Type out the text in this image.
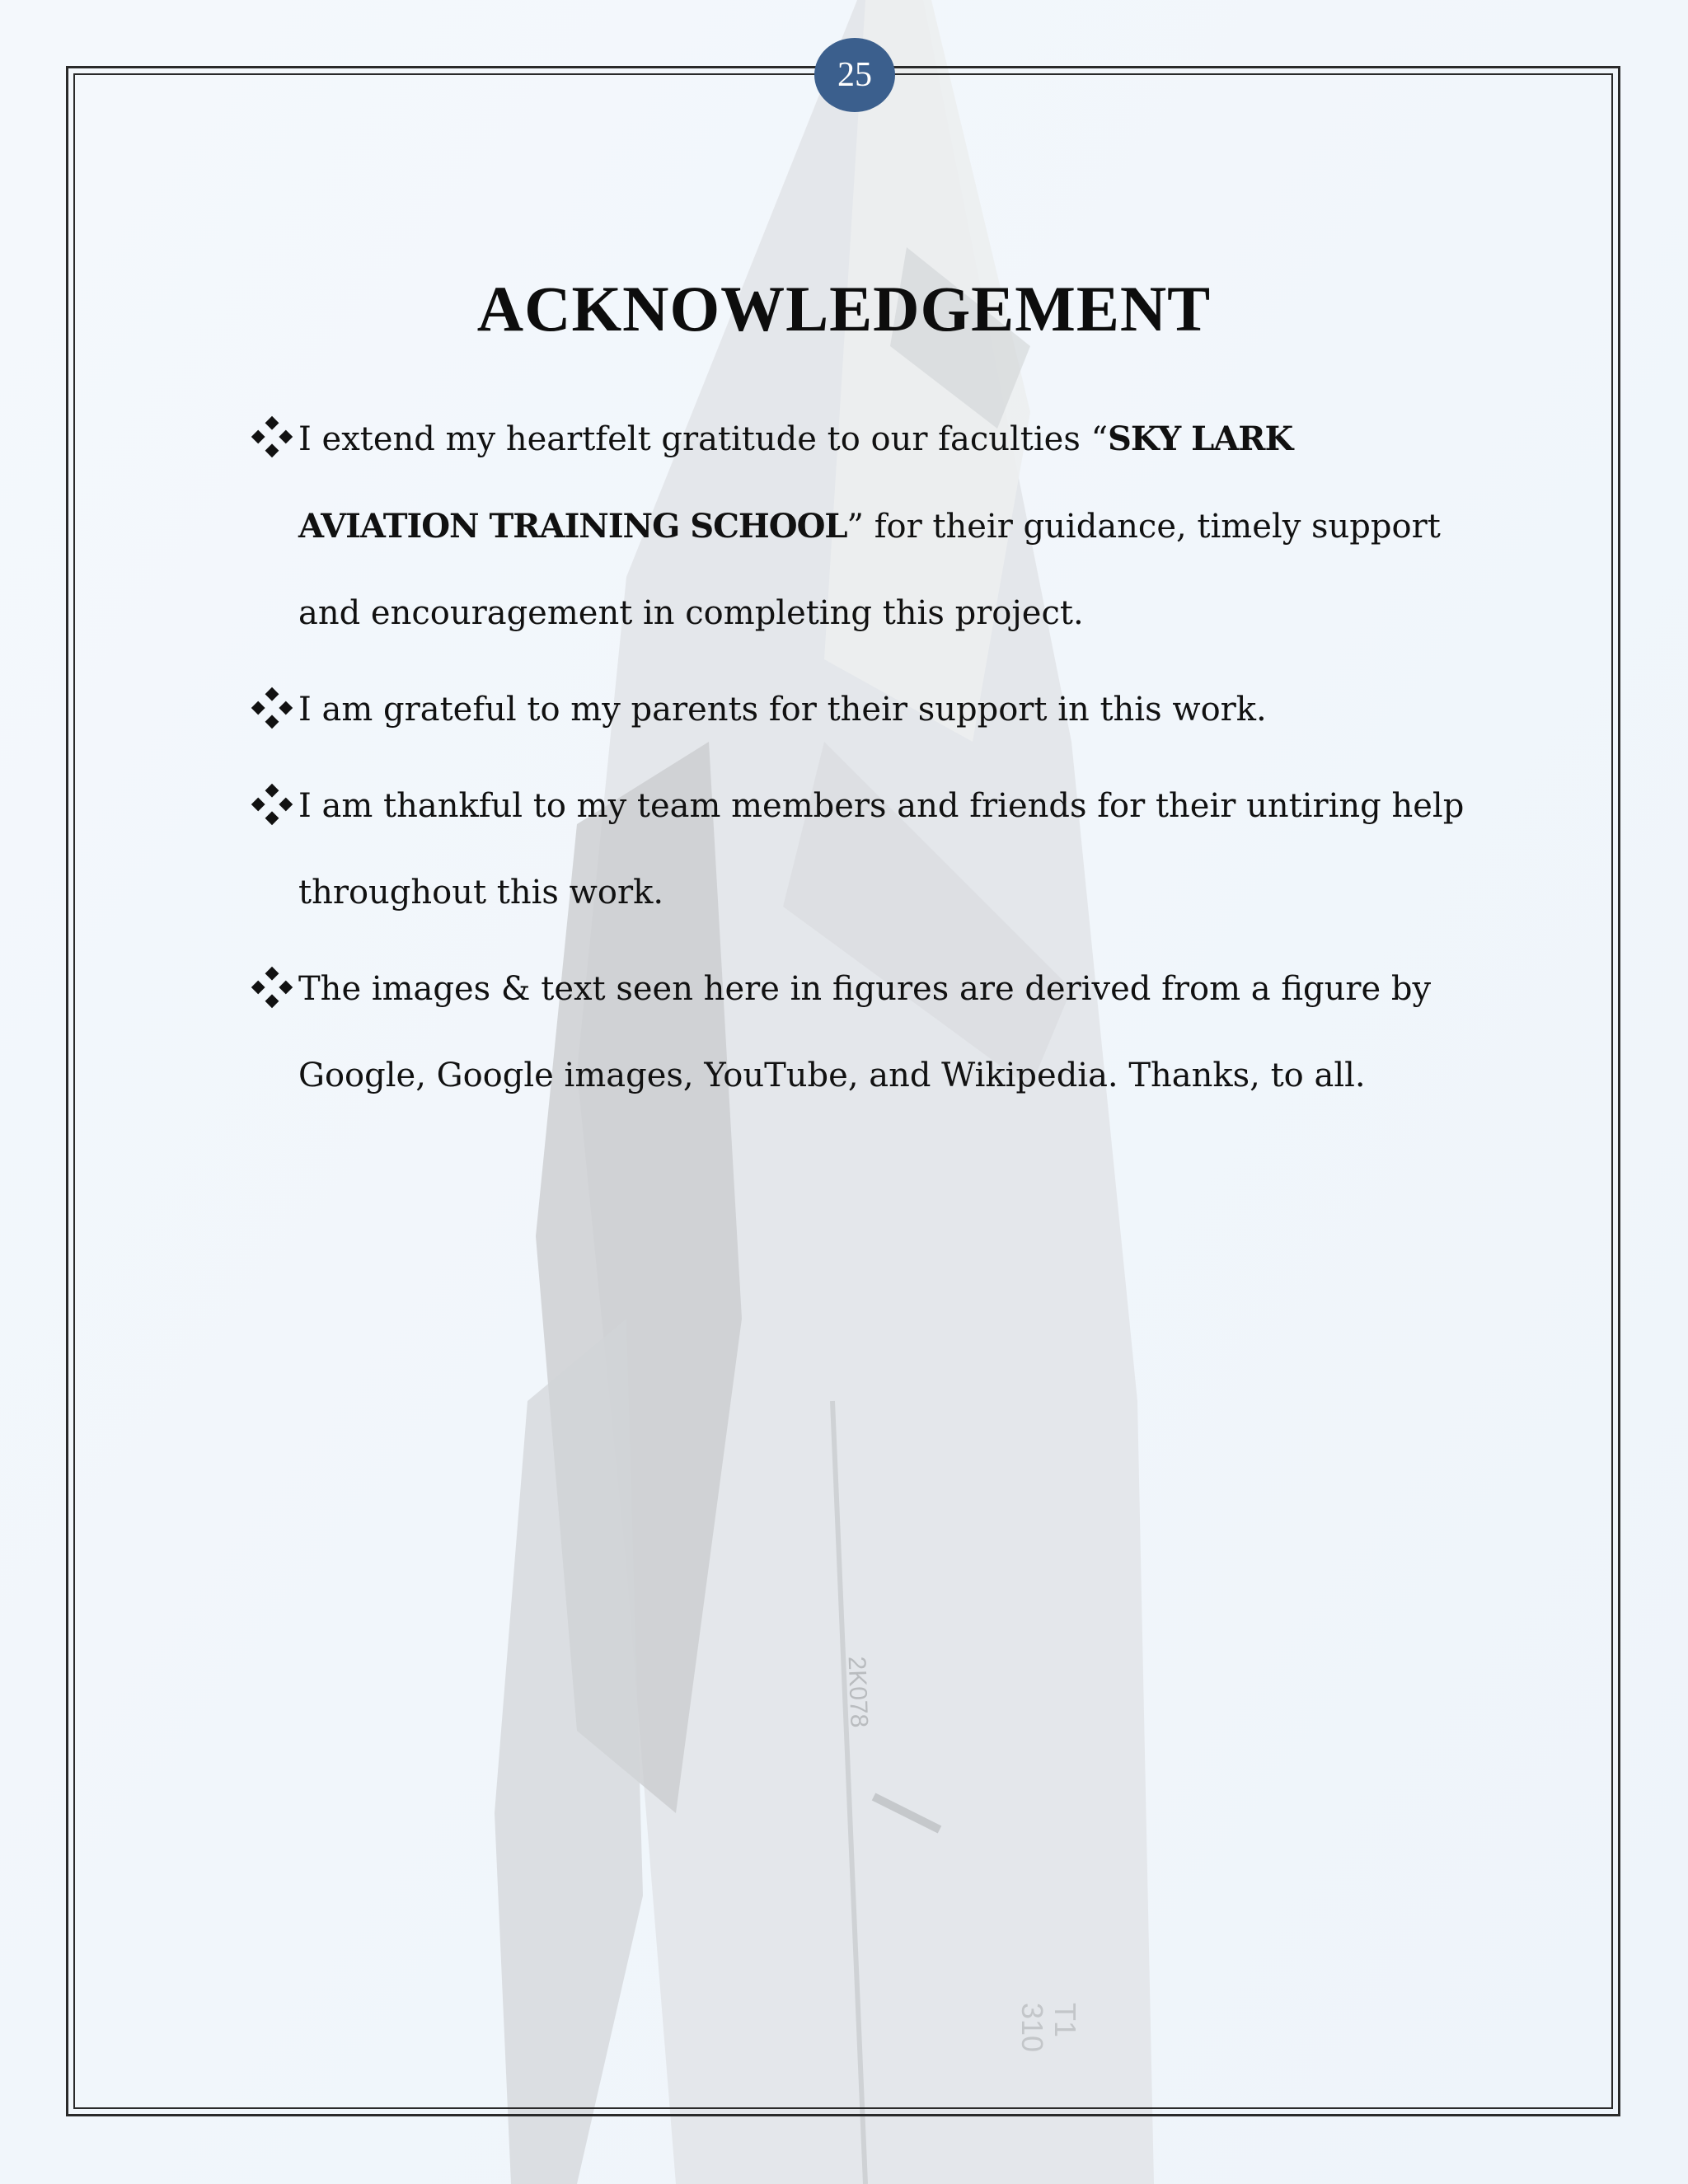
2K078
T1
310
25
ACKNOWLEDGEMENT
I extend my heartfelt gratitude to our faculties “SKY LARK AVIATION TRAINING SCHOOL” for their guidance, timely support and encouragement in completing this project.
I am grateful to my parents for their support in this work.
I am thankful to my team members and friends for their untiring help throughout this work.
The images & text seen here in figures are derived from a figure by Google, Google images, YouTube, and Wikipedia. Thanks, to all.
